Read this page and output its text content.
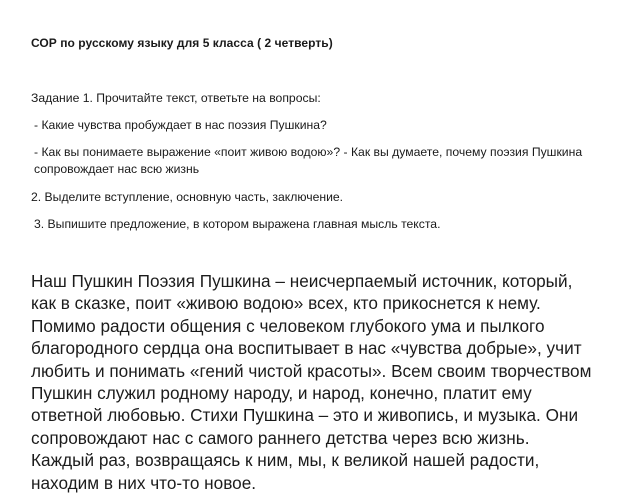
СОР по русскому языку для 5 класса ( 2 четверть)
Задание 1. Прочитайте текст, ответьте на вопросы:
- Какие чувства пробуждает в нас поэзия Пушкина?
- Как вы понимаете выражение «поит живою водою»? - Как вы думаете, почему поэзия Пушкина сопровождает нас всю жизнь
2. Выделите вступление, основную часть, заключение.
3. Выпишите предложение, в котором выражена главная мысль текста.
Наш Пушкин Поэзия Пушкина – неисчерпаемый источник, который,
как в сказке, поит «живою водою» всех, кто прикоснется к нему.
Помимо радости общения с человеком глубокого ума и пылкого
благородного сердца она воспитывает в нас «чувства добрые», учит
любить и понимать «гений чистой красоты». Всем своим творчеством
Пушкин служил родному народу, и народ, конечно, платит ему
ответной любовью. Стихи Пушкина – это и живопись, и музыка. Они
сопровождают нас с самого раннего детства через всю жизнь.
Каждый раз, возвращаясь к ним, мы, к великой нашей радости,
находим в них что-то новое.
